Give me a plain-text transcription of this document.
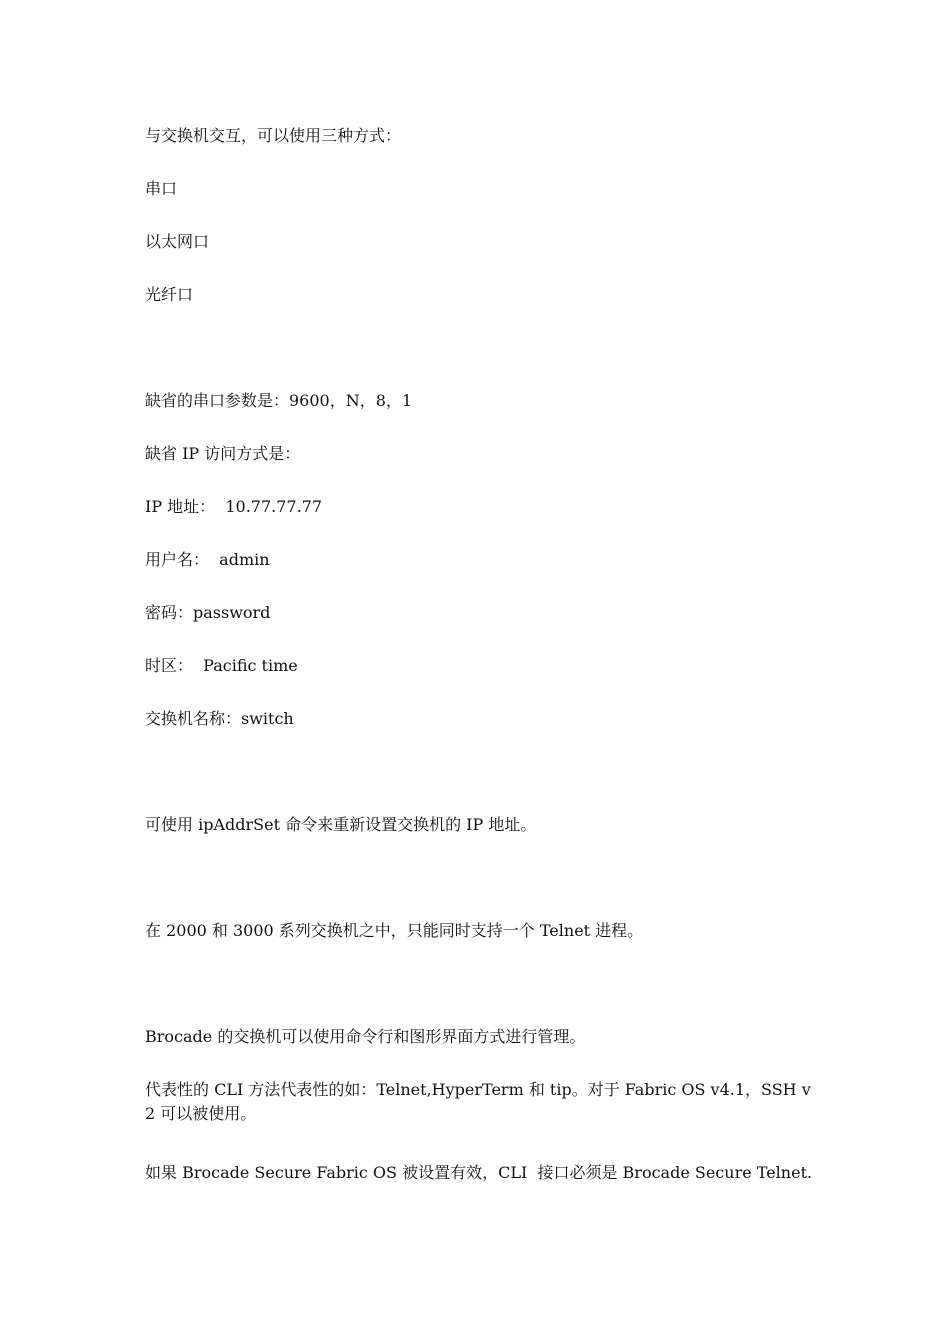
与交换机交互，可以使用三种方式：
串口
以太网口
光纤口
缺省的串口参数是：9600，N，8，1
缺省 IP 访问方式是：
IP 地址：  10.77.77.77
用户名：  admin
密码：password
时区：  Pacific time
交换机名称：switch
可使用 ipAddrSet 命令来重新设置交换机的 IP 地址。
在 2000 和 3000 系列交换机之中，只能同时支持一个 Telnet 进程。
Brocade 的交换机可以使用命令行和图形界面方式进行管理。
代表性的 CLI 方法代表性的如：Telnet,HyperTerm 和 tip。对于 Fabric OS v4.1，SSH v2 可以被使用。
如果 Brocade Secure Fabric OS 被设置有效，CLI  接口必须是 Brocade Secure Telnet.
